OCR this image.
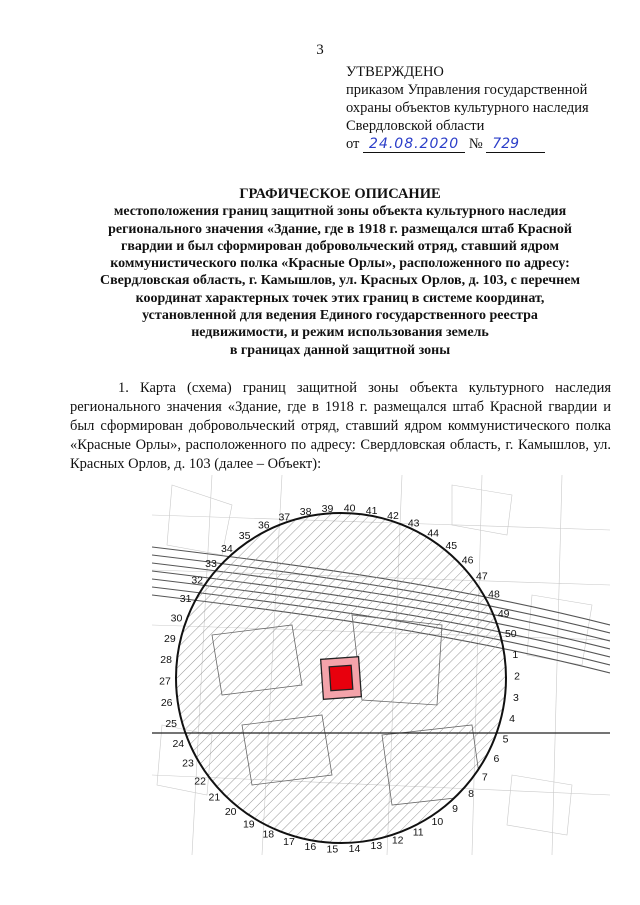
3
УТВЕРЖДЕНО
приказом Управления государственной
охраны объектов культурного наследия
Свердловской области
от 24.08.2020 № 729
ГРАФИЧЕСКОЕ ОПИСАНИЕ
местоположения границ защитной зоны объекта культурного наследия
регионального значения «Здание, где в 1918 г. размещался штаб Красной
гвардии и был сформирован добровольческий отряд, ставший ядром
коммунистического полка «Красные Орлы», расположенного по адресу:
Свердловская область, г. Камышлов, ул. Красных Орлов, д. 103, с перечнем
координат характерных точек этих границ в системе координат,
установленной для ведения Единого государственного реестра
недвижимости, и режим использования земель
в границах данной защитной зоны
1. Карта (схема) границ защитной зоны объекта культурного наследия регионального значения «Здание, где в 1918 г. размещался штаб Красной гвардии и был сформирован добровольческий отряд, ставший ядром коммунистического полка «Красные Орлы», расположенного по адресу: Свердловская область, г. Камышлов, ул. Красных Орлов, д. 103 (далее – Объект):
1
2
3
4
5
6
7
8
9
10
11
12
13
14
15
16
17
18
19
20
21
22
23
24
25
26
27
28
29
30
31
32
33
34
35
36
37 38 39 40 41 42
43
44
45
46
47
48
49
50
